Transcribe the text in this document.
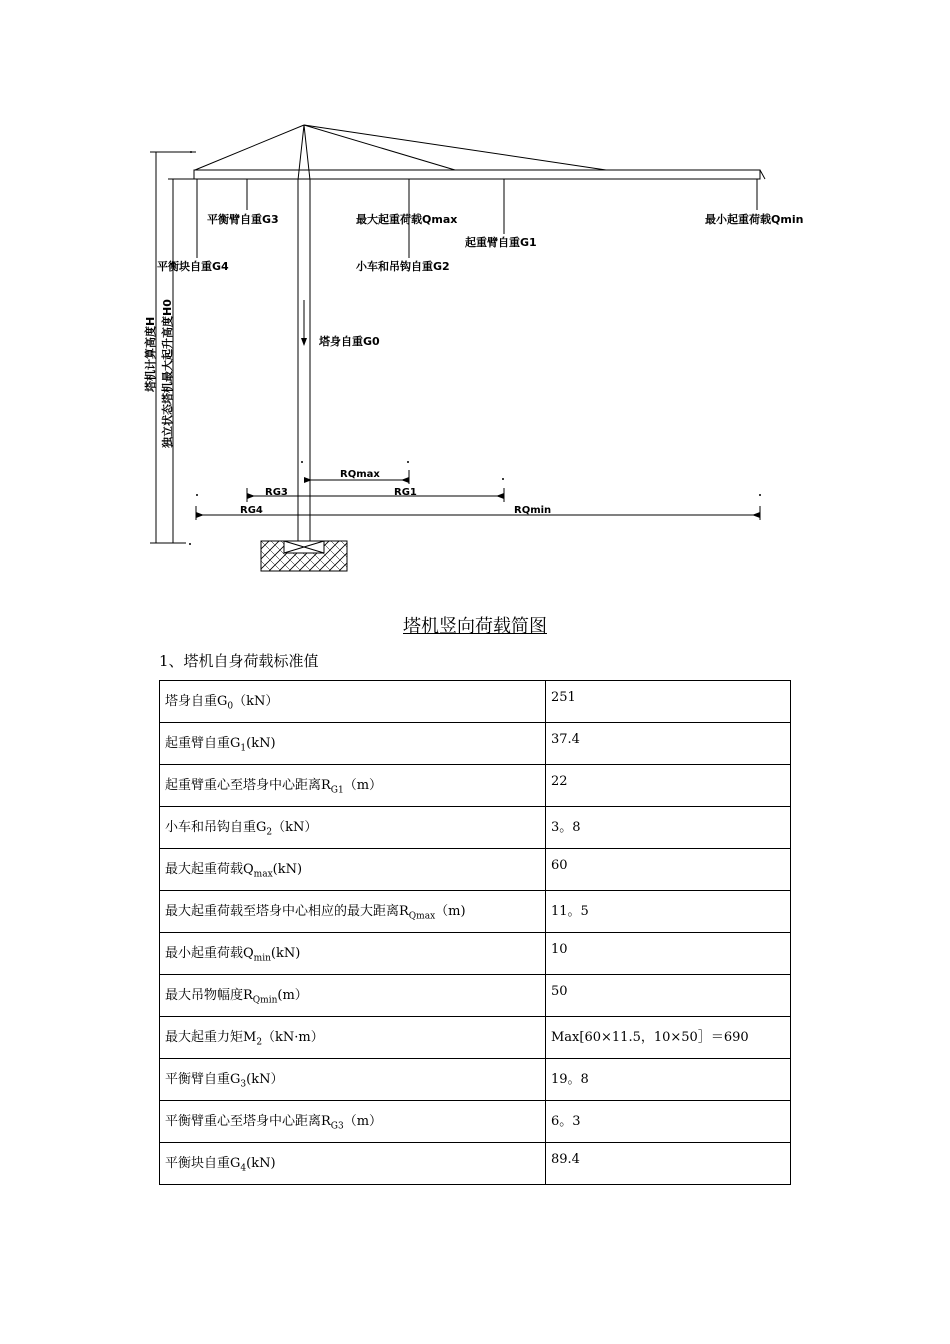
平衡臂自重G3	最大起重荷载Qmax	最小起重荷载Qmin
起重臂自重G1
平衡块自重G4	小车和吊钩自重G2
塔身自重G0
塔机计算高度H 独立状态塔机最大起升高度H0
RQmax
RG3	RG1
RG4	RQmin
塔机竖向荷载简图
1、塔机自身荷载标准值
塔身自重$G_0(kN)$	251
起重臂自重$G_1(kN)$	37.4
起重臂重心至塔身中心距离$R_{G1}(m)$	22
小车和吊钩自重$G_2(kN)$	3。8
最大起重荷载$Q_{max}(kN)$	60
最大起重荷载至塔身中心相应的最大距离$R_{Qmax}(m)$	11。5
最小起重荷载$Q_{min}(kN)$	10
最大吊物幅度$R_{Qmin}(m)$	50
最大起重力矩$M_2(kN\cdot m)$	Max[60×11.5，10×50］＝690
平衡臂自重$G_3(kN)$	19。8
平衡臂重心至塔身中心距离$R_{G3}(m)$	6。3
平衡块自重$G_4(kN)$	89.4
